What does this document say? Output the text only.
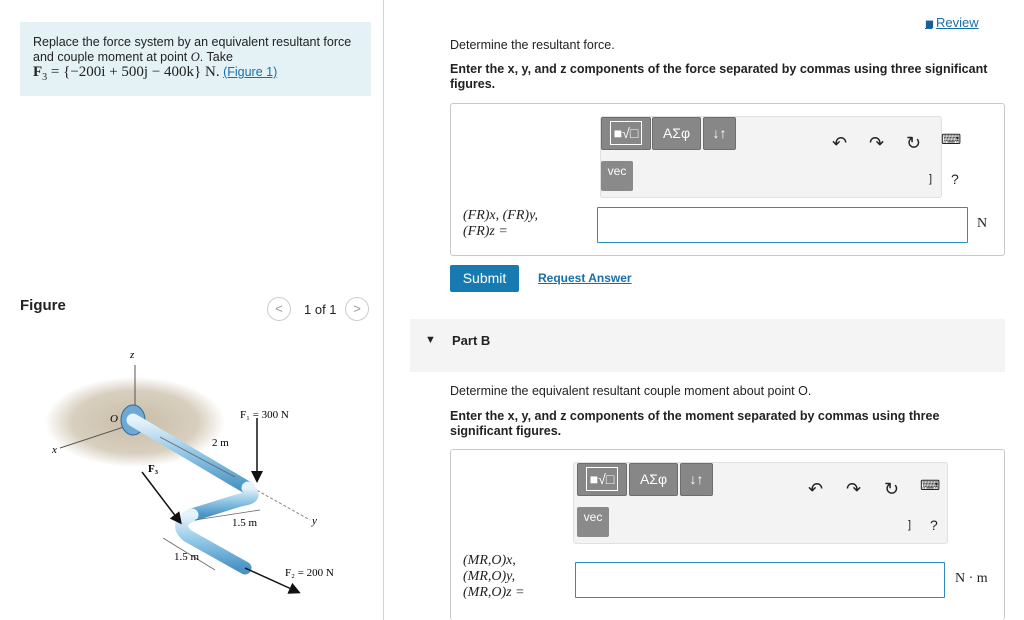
Replace the force system by an equivalent resultant force and couple moment at point O. Take
$F_3 = \{-200i + 500j - 400k\}$ N. (Figure 1)
Figure	<	1 of 1	>
z
x
y
O	F₁ = 300 N
F₂ = 200 N
F₃
2 m
1.5 m
1.5 m
▮▮ Review
Determine the resultant force.
Enter the x, y, and z components of the force separated by commas using three significant figures.
■√□	ΑΣφ	↓↑
vec
↶ ↷ ↻ ⌨
] ?
(FR)x, (FR)y,
(FR)z =
N
Submit	Request Answer
▼ Part B
Determine the equivalent resultant couple moment about point O.
Enter the x, y, and z components of the moment separated by commas using three significant figures.
■√□	ΑΣφ	↓↑
vec
↶ ↷ ↻ ⌨
] ?
(MR,O)x,
(MR,O)y,
(MR,O)z =
N · m
